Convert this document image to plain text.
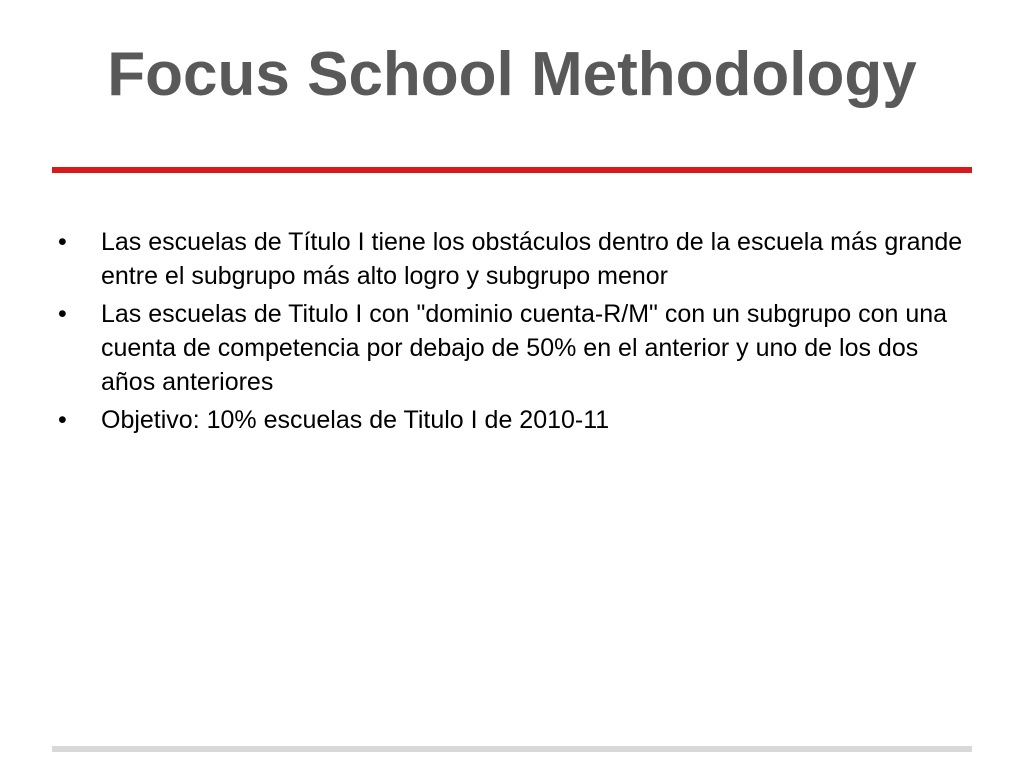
Focus School Methodology
• Las escuelas de Título I tiene los obstáculos dentro de la escuela más grande entre el subgrupo más alto logro y subgrupo menor
• Las escuelas de Titulo I con "dominio cuenta-R/M" con un subgrupo con una cuenta de competencia por debajo de 50% en el anterior y uno de los dos años anteriores
• Objetivo: 10% escuelas de Titulo I de 2010-11
